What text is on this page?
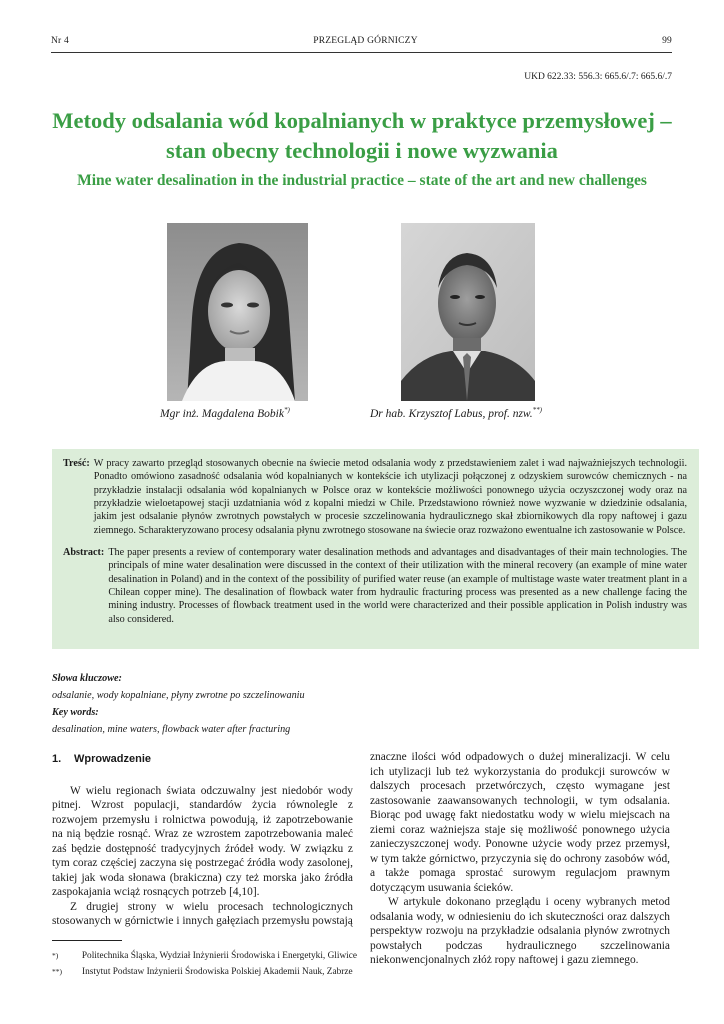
Nr 4	PRZEGLĄD GÓRNICZY	99
UKD 622.33: 556.3: 665.6/.7: 665.6/.7
Metody odsalania wód kopalnianych w praktyce przemysłowej – stan obecny technologii i nowe wyzwania
Mine water desalination in the industrial practice – state of the art and new challenges
Mgr inż. Magdalena Bobik*)	Dr hab. Krzysztof Labus, prof. nzw.**)
Treść: W pracy zawarto przegląd stosowanych obecnie na świecie metod odsalania wody z przedstawieniem zalet i wad najważniejszych technologii. Ponadto omówiono zasadność odsalania wód kopalnianych w kontekście ich utylizacji połączonej z odzyskiem surowców chemicznych - na przykładzie instalacji odsalania wód kopalnianych w Polsce oraz w kontekście możliwości ponownego użycia oczyszczonej wody oraz na przykładzie wieloetapowej stacji uzdatniania wód z kopalni miedzi w Chile. Przedstawiono również nowe wyzwanie w dziedzinie odsalania, jakim jest odsalanie płynów zwrotnych powstałych w procesie szczelinowania hydraulicznego skał zbiornikowych dla ropy naftowej i gazu ziemnego. Scharakteryzowano procesy odsalania płynu zwrotnego stosowane na świecie oraz rozważono ewentualne ich zastosowanie w Polsce.
Abstract: The paper presents a review of contemporary water desalination methods and advantages and disadvantages of their main technologies. The principals of mine water desalination were discussed in the context of their utilization with the mineral recovery (an example of mine water desalination in Poland) and in the context of the possibility of purified water reuse (an example of multistage waste water treatment plant in a Chilean copper mine). The desalination of flowback water from hydraulic fracturing process was presented as a new challenge facing the mining industry. Processes of flowback treatment used in the world were characterized and their possible application in Polish industry was also considered.
Słowa kluczowe:
odsalanie, wody kopalniane, płyny zwrotne po szczelinowaniu
Key words:
desalination, mine waters, flowback water after fracturing
1. Wprowadzenie

W wielu regionach świata odczuwalny jest niedobór wody pitnej. Wzrost populacji, standardów życia równolegle z rozwojem przemysłu i rolnictwa powodują, iż zapotrzebowanie na nią będzie rosnąć. Wraz ze wzrostem zapotrzebowania maleć zaś będzie dostępność tradycyjnych źródeł wody. W związku z tym coraz częściej zaczyna się postrzegać źródła wody zasolonej, takiej jak woda słonawa (brakiczna) czy też morska jako źródła zaspokajania wciąż rosnących potrzeb [4,10].

Z drugiej strony w wielu procesach technologicznych stosowanych w górnictwie i innych gałęziach przemysłu powstają

znaczne ilości wód odpadowych o dużej mineralizacji. W celu ich utylizacji lub też wykorzystania do produkcji surowców w dalszych procesach przetwórczych, często wymagane jest zastosowanie zaawansowanych technologii, w tym odsalania. Biorąc pod uwagę fakt niedostatku wody w wielu miejscach na ziemi coraz ważniejsza staje się możliwość ponownego użycia zanieczyszczonej wody. Ponowne użycie wody przez przemysł, w tym także górnictwo, przyczynia się do ochrony zasobów wód, a także pomaga sprostać surowym regulacjom prawnym dotyczącym usuwania ścieków.

W artykule dokonano przeglądu i oceny wybranych metod odsalania wody, w odniesieniu do ich skuteczności oraz dalszych perspektyw rozwoju na przykładzie odsalania płynów zwrotnych powstałych podczas hydraulicznego szczelinowania niekonwencjonalnych złóż ropy naftowej i gazu ziemnego.

*)	Politechnika Śląska, Wydział Inżynierii Środowiska i Energetyki, Gliwice
**)	Instytut Podstaw Inżynierii Środowiska Polskiej Akademii Nauk, Zabrze
